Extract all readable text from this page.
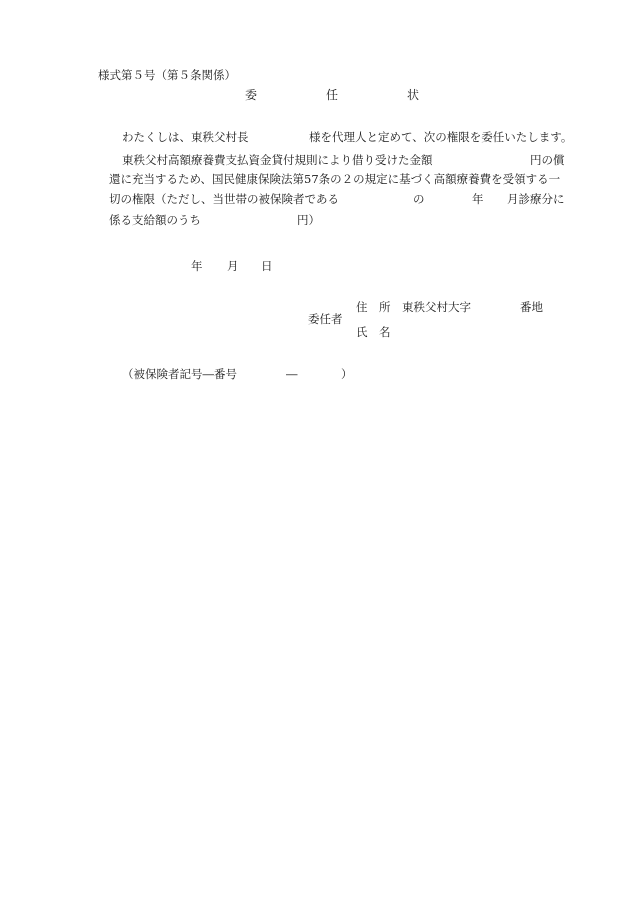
様式第５号（第５条関係）
委	任	状
わたくしは、東秩父村長	様を代理人と定めて、次の権限を委任いたします。
東秩父村高額療養費支払資金貸付規則により借り受けた金額	円の償
還に充当するため、国民健康保険法第57条の２の規定に基づく高額療養費を受領する一
切の権限（ただし、当世帯の被保険者である	の	年 月診療分に
係る支給額のうち	円）
年 月 日
委任者
住　所 東秩父村大字	番地
氏　名
（被保険者記号―番号	―	）
